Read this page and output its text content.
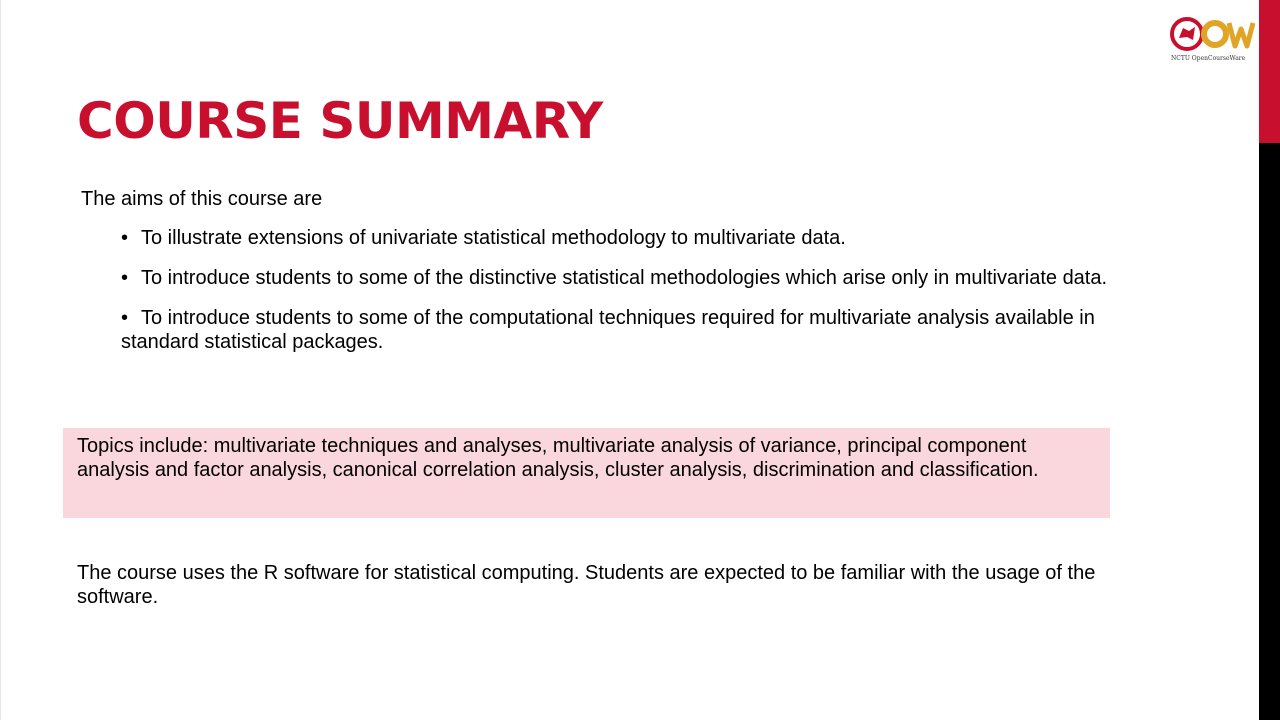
NCTU OpenCourseWare
COURSE SUMMARY
The aims of this course are
• To illustrate extensions of univariate statistical methodology to multivariate data.
• To introduce students to some of the distinctive statistical methodologies which arise only in multivariate data.
• To introduce students to some of the computational techniques required for multivariate analysis available in standard statistical packages.
Topics include: multivariate techniques and analyses, multivariate analysis of variance, principal component analysis and factor analysis, canonical correlation analysis, cluster analysis, discrimination and classification.
The course uses the R software for statistical computing. Students are expected to be familiar with the usage of the software.
